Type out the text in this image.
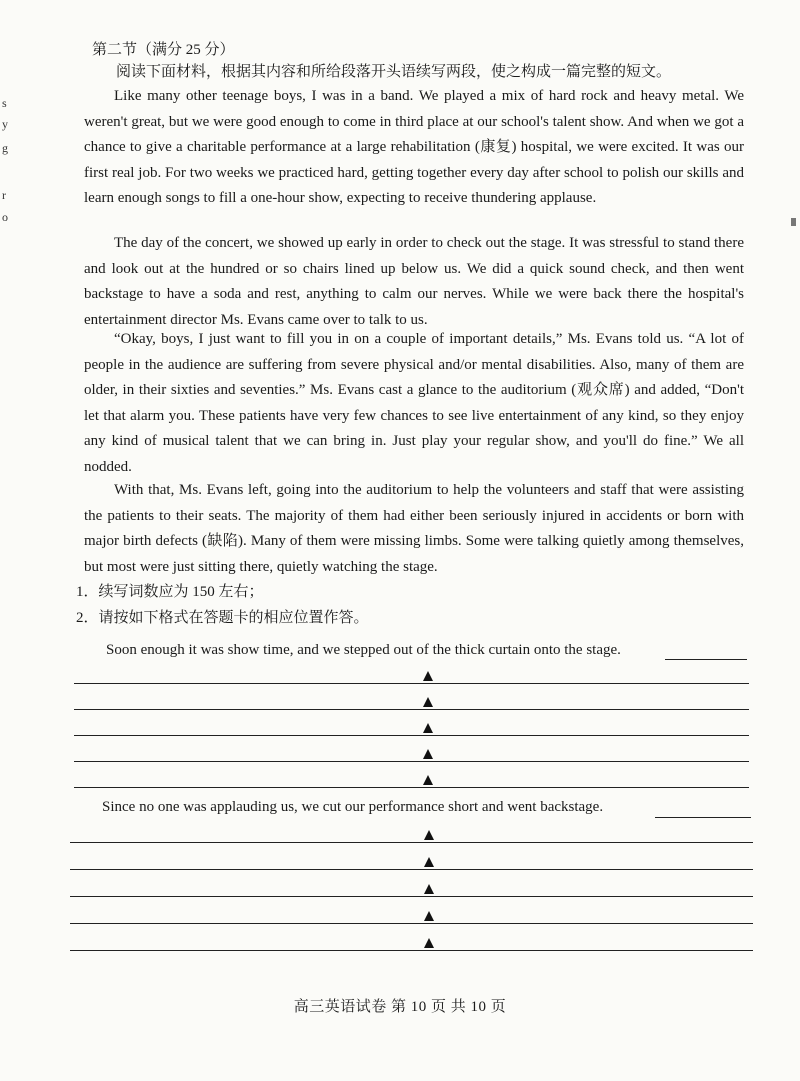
s
y
g
r
o
第二节（满分 25 分）
阅读下面材料，根据其内容和所给段落开头语续写两段，使之构成一篇完整的短文。

Like many other teenage boys, I was in a band. We played a mix of hard rock and heavy metal. We weren't great, but we were good enough to come in third place at our school's talent show. And when we got a chance to give a charitable performance at a large rehabilitation (康复) hospital, we were excited. It was our first real job. For two weeks we practiced hard, getting together every day after school to polish our skills and learn enough songs to fill a one-hour show, expecting to receive thundering applause.

The day of the concert, we showed up early in order to check out the stage. It was stressful to stand there and look out at the hundred or so chairs lined up below us. We did a quick sound check, and then went backstage to have a soda and rest, anything to calm our nerves. While we were back there the hospital's entertainment director Ms. Evans came over to talk to us.

“Okay, boys, I just want to fill you in on a couple of important details,” Ms. Evans told us. “A lot of people in the audience are suffering from severe physical and/or mental disabilities. Also, many of them are older, in their sixties and seventies.” Ms. Evans cast a glance to the auditorium (观众席) and added, “Don't let that alarm you. These patients have very few chances to see live entertainment of any kind, so they enjoy any kind of musical talent that we can bring in. Just play your regular show, and you'll do fine.” We all nodded.

With that, Ms. Evans left, going into the auditorium to help the volunteers and staff that were assisting the patients to their seats. The majority of them had either been seriously injured in accidents or born with major birth defects (缺陷). Many of them were missing limbs. Some were talking quietly among themselves, but most were just sitting there, quietly watching the stage.

1．续写词数应为 150 左右；
2．请按如下格式在答题卡的相应位置作答。
Soon enough it was show time, and we stepped out of the thick curtain onto the stage.
Since no one was applauding us, we cut our performance short and went backstage.
高三英语试卷 第 10 页 共 10 页
